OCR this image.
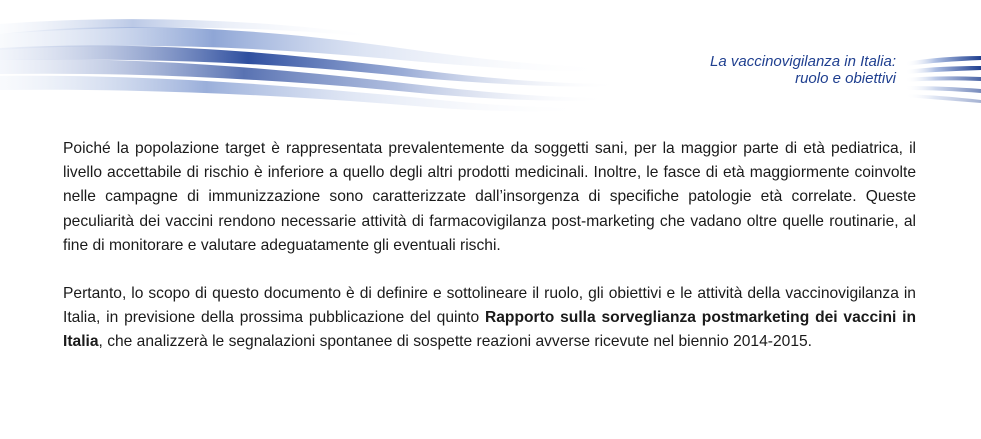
La vaccinovigilanza in Italia:
ruolo e obiettivi

Poiché la popolazione target è rappresentata prevalentemente da soggetti sani, per la maggior parte di età pediatrica, il livello accettabile di rischio è inferiore a quello degli altri prodotti medicinali. Inoltre, le fasce di età maggiormente coinvolte nelle campagne di immunizzazione sono caratterizzate dall’insorgenza di specifiche patologie età correlate. Queste peculiarità dei vaccini rendono necessarie attività di farmacovigilanza post-marketing che vadano oltre quelle routinarie, al fine di monitorare e valutare adeguatamente gli eventuali rischi.

Pertanto, lo scopo di questo documento è di definire e sottolineare il ruolo, gli obiettivi e le attività della vaccinovigilanza in Italia, in previsione della prossima pubblicazione del quinto Rapporto sulla sorveglianza postmarketing dei vaccini in Italia, che analizzerà le segnalazioni spontanee di sospette reazioni avverse ricevute nel biennio 2014-2015.
